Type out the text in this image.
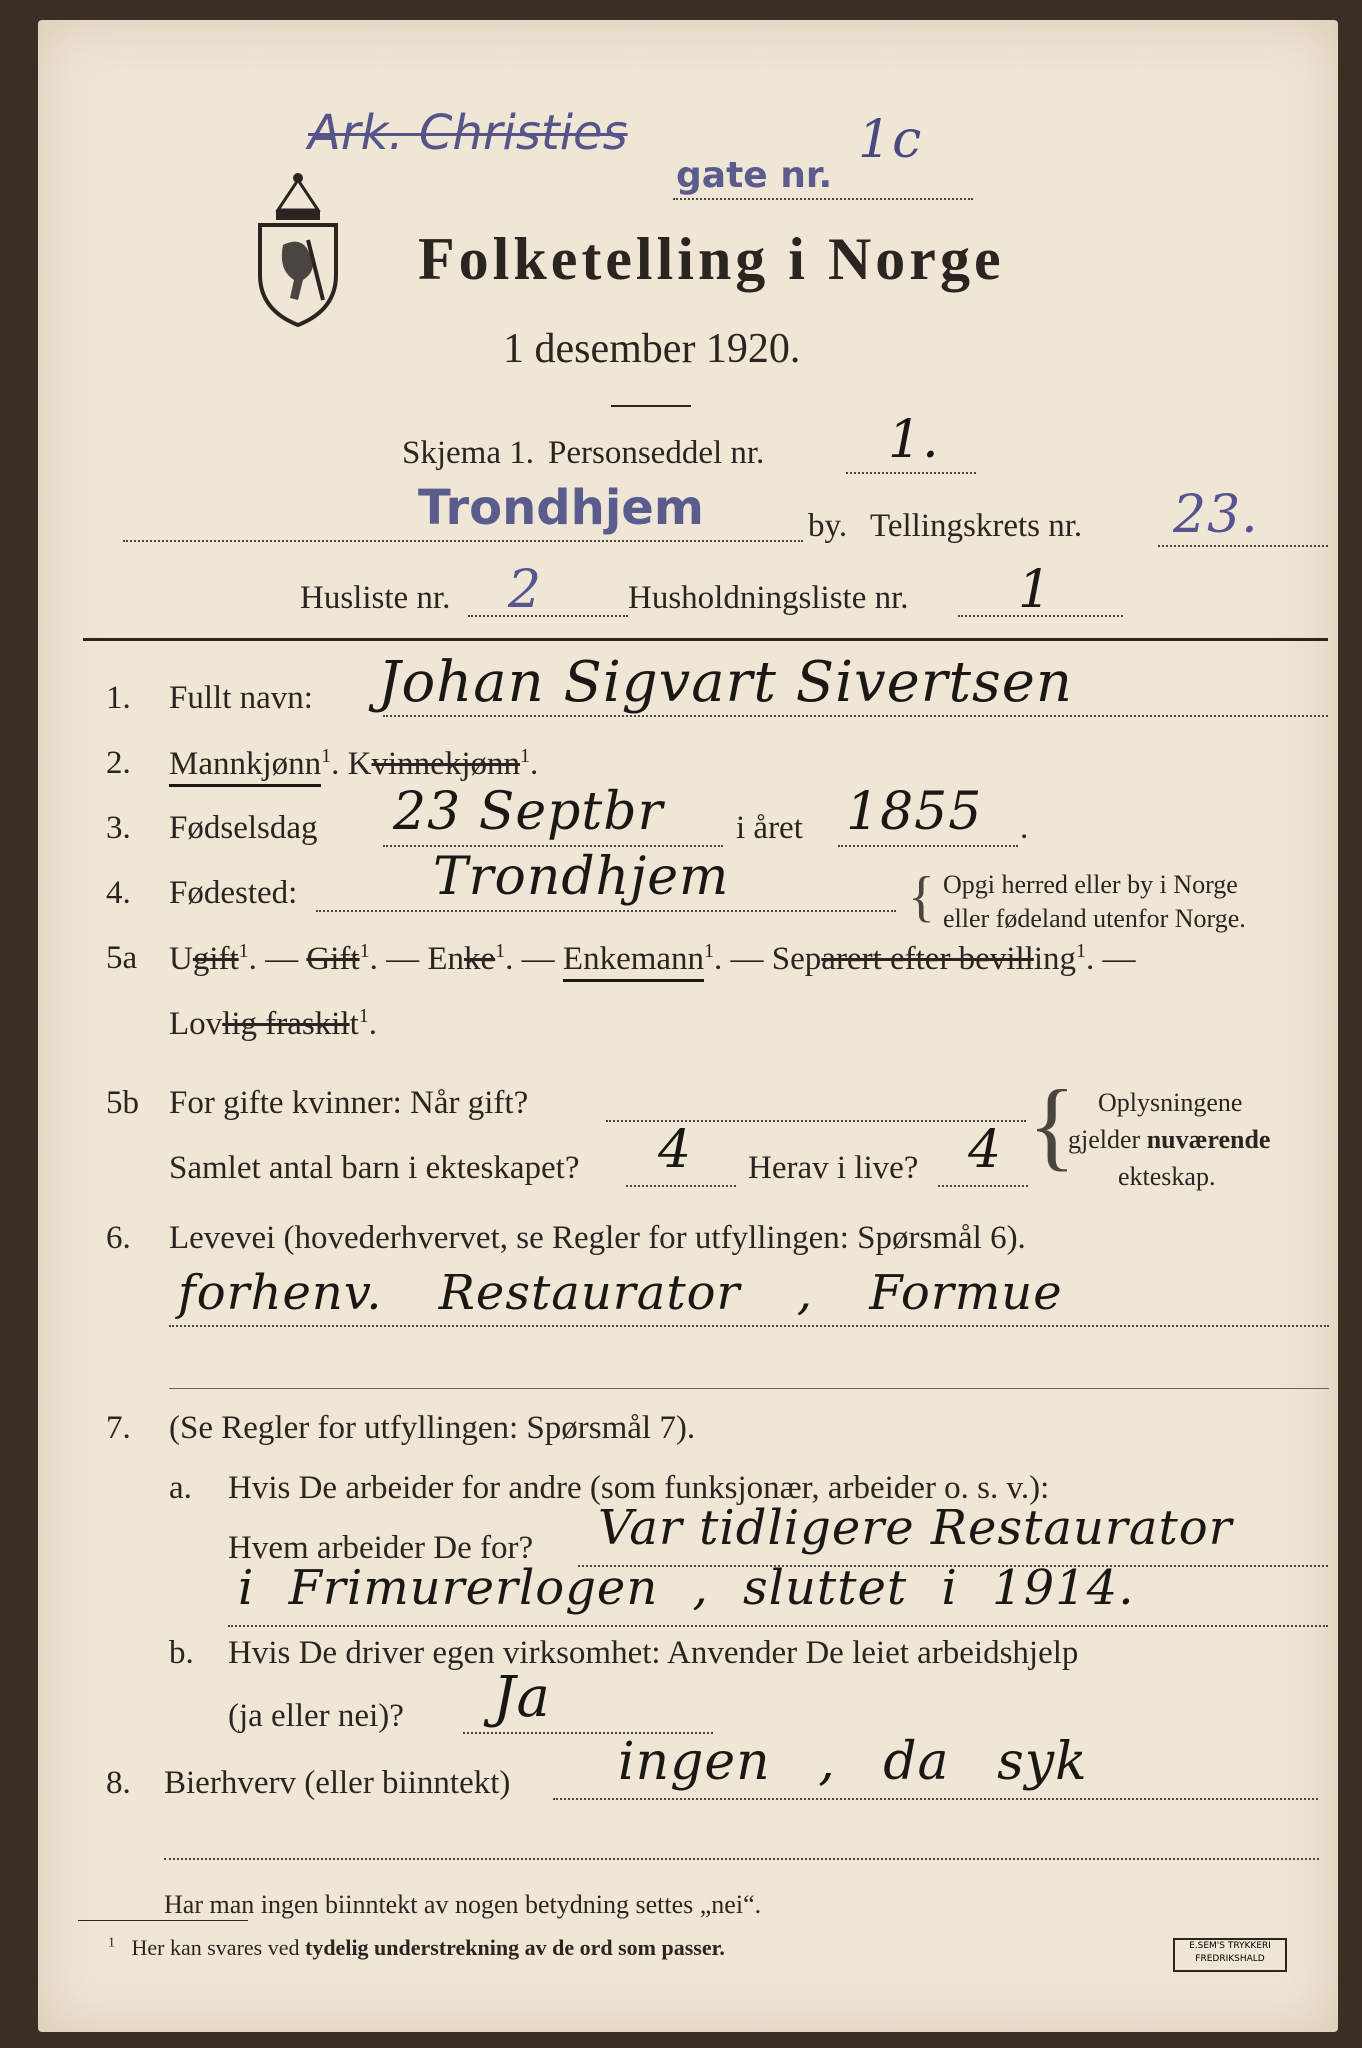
Ark. Christies
gate nr.
1c
Folketelling i Norge
1 desember 1920.
Skjema 1. Personseddel nr. 1.
Trondhjem	by. Tellingskrets nr. 23.
Husliste nr. 2	Husholdningsliste nr. 1
1. Fullt navn: Johan Sigvart Sivertsen
2. Mannkjønn$^1$. Kvinnekjønn$^1$.
3. Fødselsdag 23 Septbr i året 1855 .
4. Fødested:	Trondhjem	{ Opgi herred eller by i Norge
eller fødeland utenfor Norge.
5a Ugift$^1$. — Gift$^1$. — Enke$^1$. — Enkemann$^1$. — Separert efter bevilling$^1$. —
Lovlig fraskilt$^1$.
5b For gifte kvinner: Når gift?
Samlet antal barn i ekteskapet? 4 Herav i live? 4 { Oplysningene
gjelder nuværende
ekteskap.
6. Levevei (hovederhvervet, se Regler for utfyllingen: Spørsmål 6).
forhenv. Restaurator , Formue
7. (Se Regler for utfyllingen: Spørsmål 7).
a. Hvis De arbeider for andre (som funksjonær, arbeider o. s. v.):
Hvem arbeider De for? Var tidligere Restaurator
i Frimurerlogen , sluttet i 1914.
b. Hvis De driver egen virksomhet: Anvender De leiet arbeidshjelp
(ja eller nei)? Ja
8. Bierhverv (eller biinntekt) ingen , da syk
Har man ingen biinntekt av nogen betydning settes „nei“.
$^1$ Her kan svares ved tydelig understrekning av de ord som passer.	E.SEM'S TRYKKERI
FREDRIKSHALD
